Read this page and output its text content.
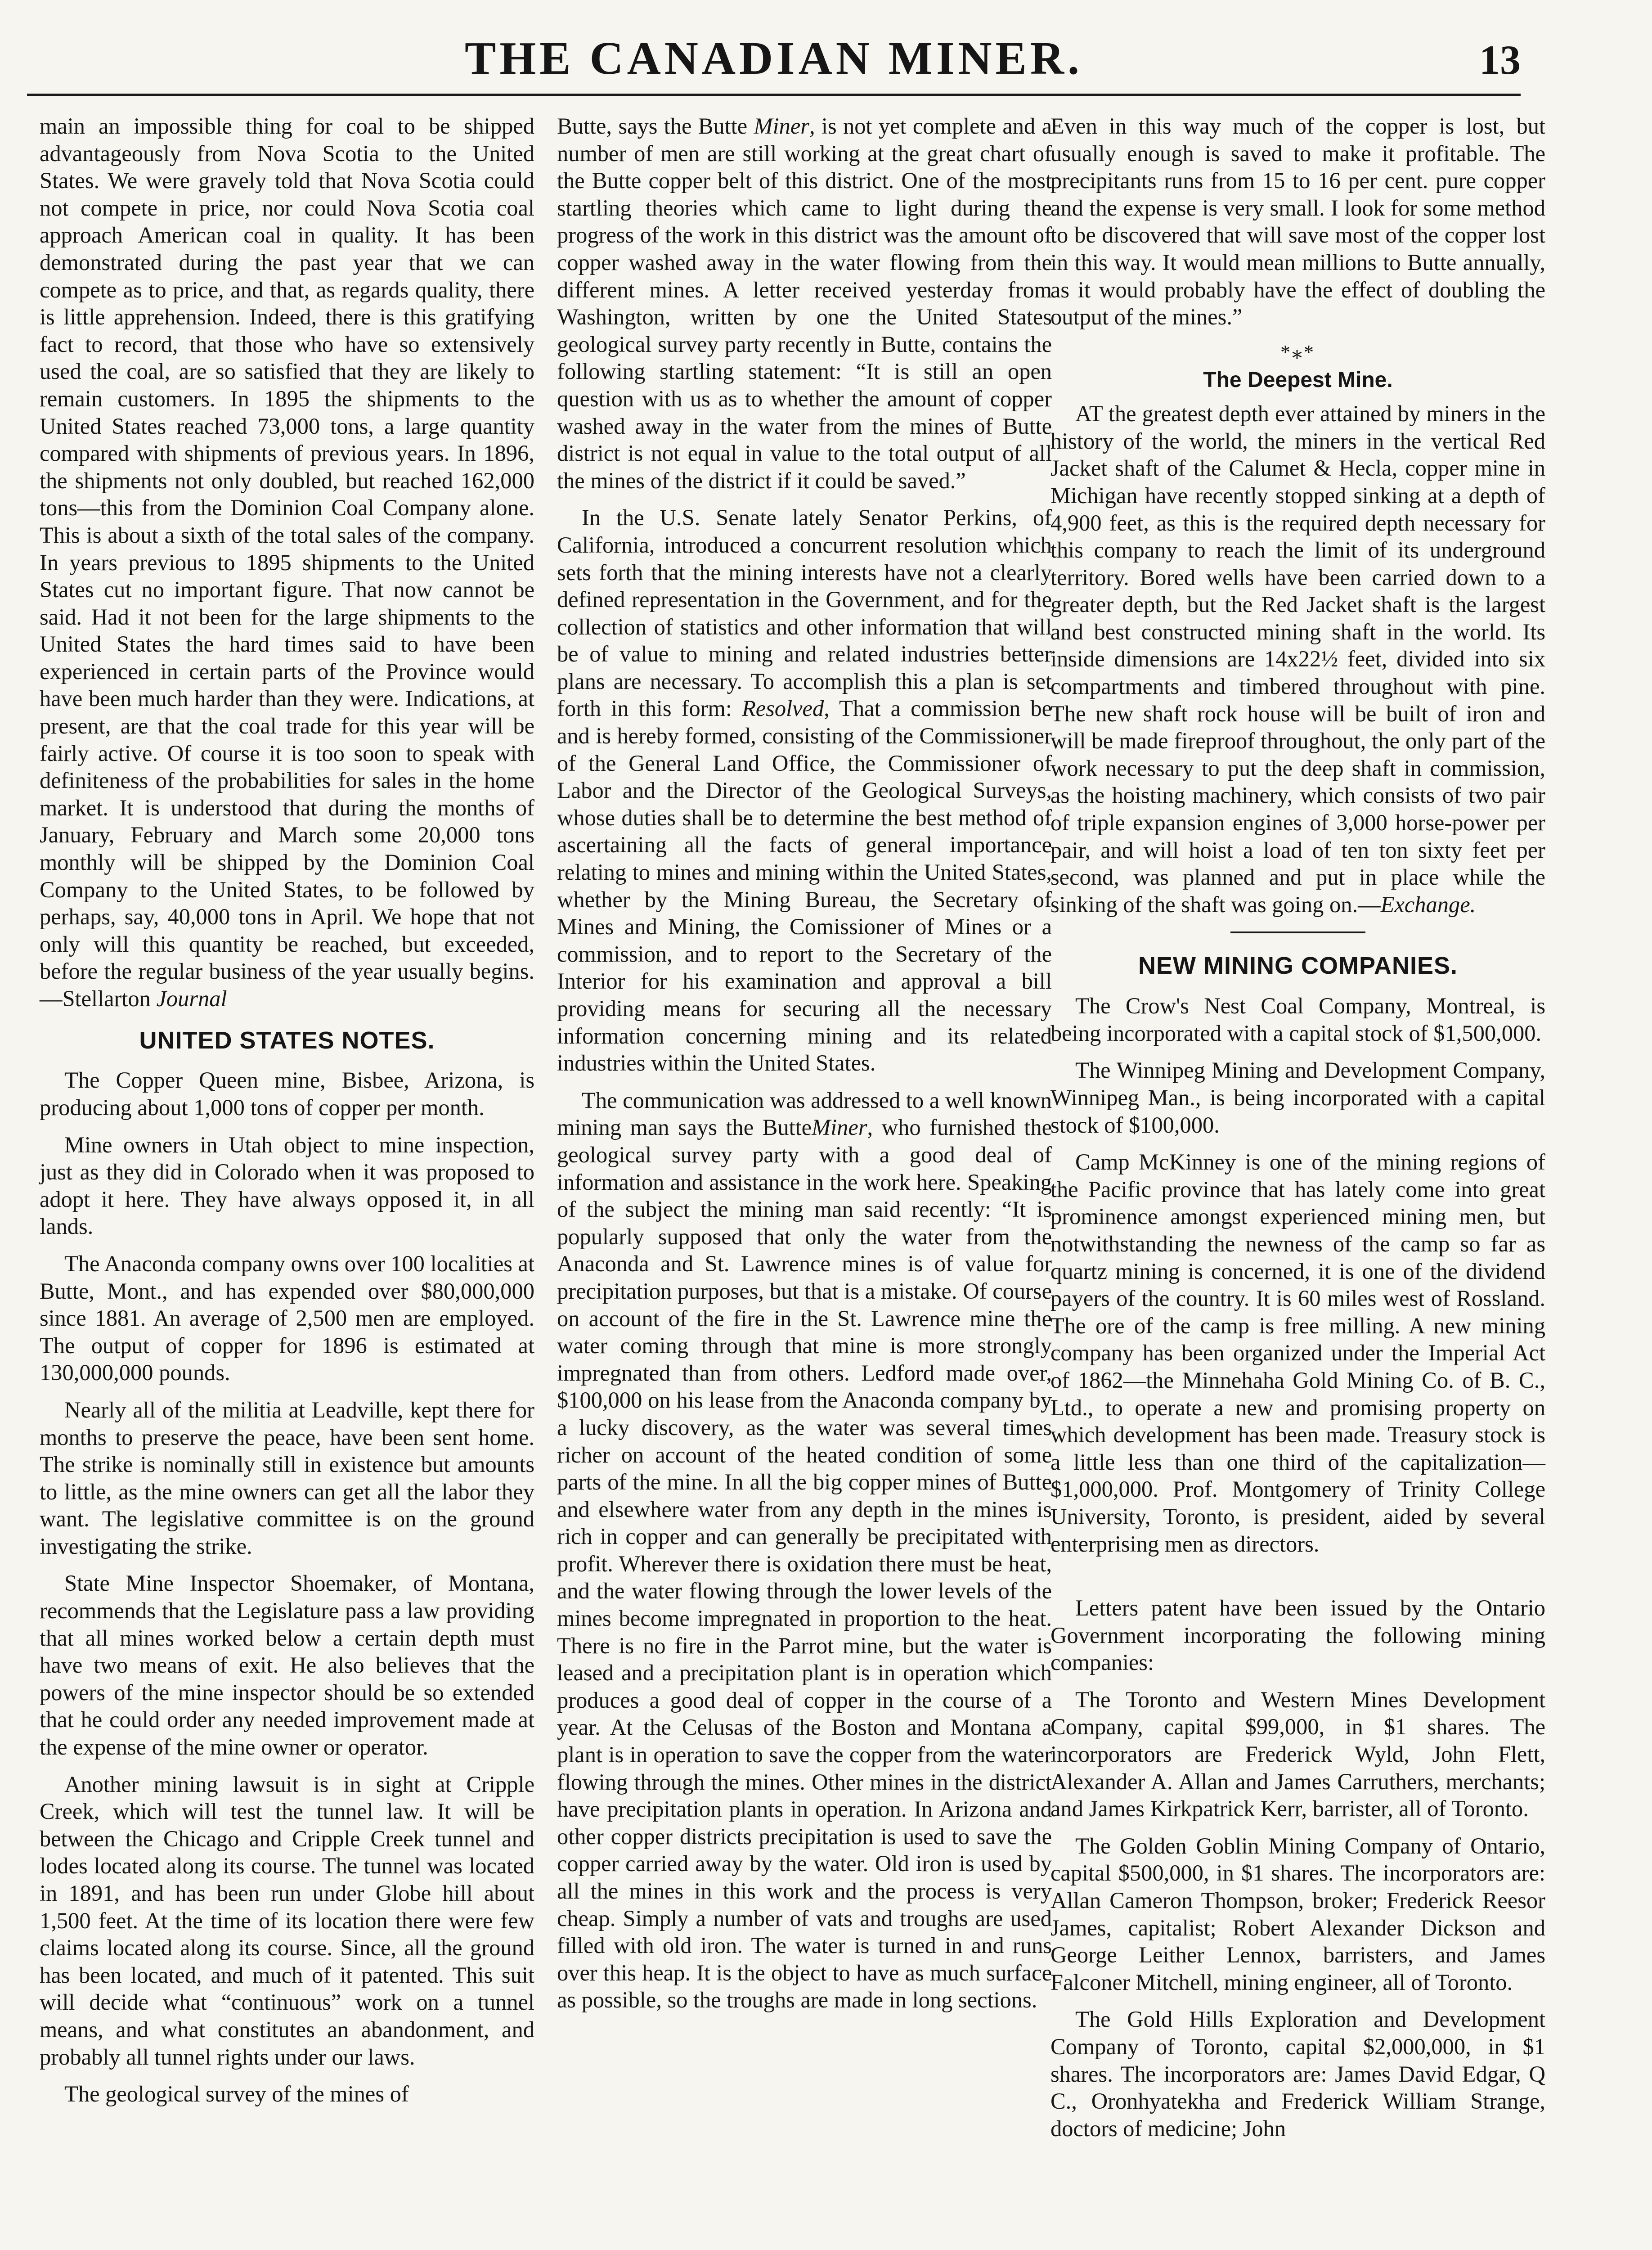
THE CANADIAN MINER.	13

main an impossible thing for coal to be shipped advantageously from Nova Scotia to the United States. We were gravely told that Nova Scotia could not compete in price, nor could Nova Scotia coal approach American coal in quality. It has been demonstrated during the past year that we can compete as to price, and that, as regards quality, there is little apprehension. Indeed, there is this gratifying fact to record, that those who have so extensively used the coal, are so satisfied that they are likely to remain customers. In 1895 the shipments to the United States reached 73,000 tons, a large quantity compared with shipments of previous years. In 1896, the shipments not only doubled, but reached 162,000 tons—this from the Dominion Coal Company alone. This is about a sixth of the total sales of the company. In years previous to 1895 shipments to the United States cut no important figure. That now cannot be said. Had it not been for the large shipments to the United States the hard times said to have been experienced in certain parts of the Province would have been much harder than they were. Indications, at present, are that the coal trade for this year will be fairly active. Of course it is too soon to speak with definiteness of the probabilities for sales in the home market. It is understood that during the months of January, February and March some 20,000 tons monthly will be shipped by the Dominion Coal Company to the United States, to be followed by perhaps, say, 40,000 tons in April. We hope that not only will this quantity be reached, but exceeded, before the regular business of the year usually begins.—Stellarton Journal

UNITED STATES NOTES.

The Copper Queen mine, Bisbee, Arizona, is producing about 1,000 tons of copper per month.

Mine owners in Utah object to mine inspection, just as they did in Colorado when it was proposed to adopt it here. They have always opposed it, in all lands.

The Anaconda company owns over 100 localities at Butte, Mont., and has expended over $80,000,000 since 1881. An average of 2,500 men are employed. The output of copper for 1896 is estimated at 130,000,000 pounds.

Nearly all of the militia at Leadville, kept there for months to preserve the peace, have been sent home. The strike is nominally still in existence but amounts to little, as the mine owners can get all the labor they want. The legislative committee is on the ground investigating the strike.

State Mine Inspector Shoemaker, of Montana, recommends that the Legislature pass a law providing that all mines worked below a certain depth must have two means of exit. He also believes that the powers of the mine inspector should be so extended that he could order any needed improvement made at the expense of the mine owner or operator.

Another mining lawsuit is in sight at Cripple Creek, which will test the tunnel law. It will be between the Chicago and Cripple Creek tunnel and lodes located along its course. The tunnel was located in 1891, and has been run under Globe hill about 1,500 feet. At the time of its location there were few claims located along its course. Since, all the ground has been located, and much of it patented. This suit will decide what “continuous” work on a tunnel means, and what constitutes an abandonment, and probably all tunnel rights under our laws.

The geological survey of the mines of

Butte, says the Butte Miner, is not yet complete and a number of men are still working at the great chart of the Butte copper belt of this district. One of the most startling theories which came to light during the progress of the work in this district was the amount of copper washed away in the water flowing from the different mines. A letter received yesterday from Washington, written by one the United States geological survey party recently in Butte, contains the following startling statement: “It is still an open question with us as to whether the amount of copper washed away in the water from the mines of Butte district is not equal in value to the total output of all the mines of the district if it could be saved.”

In the U.S. Senate lately Senator Perkins, of California, introduced a concurrent resolution which sets forth that the mining interests have not a clearly defined representation in the Government, and for the collection of statistics and other information that will be of value to mining and related industries better plans are necessary. To accomplish this a plan is set forth in this form: Resolved, That a commission be and is hereby formed, consisting of the Commissioner of the General Land Office, the Commissioner of Labor and the Director of the Geological Surveys, whose duties shall be to determine the best method of ascertaining all the facts of general importance relating to mines and mining within the United States, whether by the Mining Bureau, the Secretary of Mines and Mining, the Comissioner of Mines or a commission, and to report to the Secretary of the Interior for his examination and approval a bill providing means for securing all the necessary information concerning mining and its related industries within the United States.

The communication was addressed to a well known mining man says the ButteMiner, who furnished the geological survey party with a good deal of information and assistance in the work here. Speaking of the subject the mining man said recently: “It is popularly supposed that only the water from the Anaconda and St. Lawrence mines is of value for precipitation purposes, but that is a mistake. Of course on account of the fire in the St. Lawrence mine the water coming through that mine is more strongly impregnated than from others. Ledford made over, $100,000 on his lease from the Anaconda company by a lucky discovery, as the water was several times richer on account of the heated condition of some parts of the mine. In all the big copper mines of Butte and elsewhere water from any depth in the mines is rich in copper and can generally be precipitated with profit. Wherever there is oxidation there must be heat, and the water flowing through the lower levels of the mines become impregnated in proportion to the heat. There is no fire in the Parrot mine, but the water is leased and a precipitation plant is in operation which produces a good deal of copper in the course of a year. At the Celusas of the Boston and Montana a plant is in operation to save the copper from the water flowing through the mines. Other mines in the district have precipitation plants in operation. In Arizona and other copper districts precipitation is used to save the copper carried away by the water. Old iron is used by all the mines in this work and the process is very cheap. Simply a number of vats and troughs are used filled with old iron. The water is turned in and runs over this heap. It is the object to have as much surface as possible, so the troughs are made in long sections.

Even in this way much of the copper is lost, but usually enough is saved to make it profitable. The precipitants runs from 15 to 16 per cent. pure copper and the expense is very small. I look for some method to be discovered that will save most of the copper lost in this way. It would mean millions to Butte annually, as it would probably have the effect of doubling the output of the mines.”

*⁎*
The Deepest Mine.

AT the greatest depth ever attained by miners in the history of the world, the miners in the vertical Red Jacket shaft of the Calumet & Hecla, copper mine in Michigan have recently stopped sinking at a depth of 4,900 feet, as this is the required depth necessary for this company to reach the limit of its underground territory. Bored wells have been carried down to a greater depth, but the Red Jacket shaft is the largest and best constructed mining shaft in the world. Its inside dimensions are 14x22½ feet, divided into six compartments and timbered throughout with pine. The new shaft rock house will be built of iron and will be made fireproof throughout, the only part of the work necessary to put the deep shaft in commission, as the hoisting machinery, which consists of two pair of triple expansion engines of 3,000 horse-power per pair, and will hoist a load of ten ton sixty feet per second, was planned and put in place while the sinking of the shaft was going on.—Exchange.

NEW MINING COMPANIES.

The Crow's Nest Coal Company, Montreal, is being incorporated with a capital stock of $1,500,000.

The Winnipeg Mining and Development Company, Winnipeg Man., is being incorporated with a capital stock of $100,000.

Camp McKinney is one of the mining regions of the Pacific province that has lately come into great prominence amongst experienced mining men, but notwithstanding the newness of the camp so far as quartz mining is concerned, it is one of the dividend payers of the country. It is 60 miles west of Rossland. The ore of the camp is free milling. A new mining company has been organized under the Imperial Act of 1862—the Minnehaha Gold Mining Co. of B. C., Ltd., to operate a new and promising property on which development has been made. Treasury stock is a little less than one third of the capitalization—$1,000,000. Prof. Montgomery of Trinity College University, Toronto, is president, aided by several enterprising men as directors.

Letters patent have been issued by the Ontario Government incorporating the following mining companies:

The Toronto and Western Mines Development Company, capital $99,000, in $1 shares. The incorporators are Frederick Wyld, John Flett, Alexander A. Allan and James Carruthers, merchants; and James Kirkpatrick Kerr, barrister, all of Toronto.

The Golden Goblin Mining Company of Ontario, capital $500,000, in $1 shares. The incorporators are: Allan Cameron Thompson, broker; Frederick Reesor James, capitalist; Robert Alexander Dickson and George Leither Lennox, barristers, and James Falconer Mitchell, mining engineer, all of Toronto.

The Gold Hills Exploration and Development Company of Toronto, capital $2,000,000, in $1 shares. The incorporators are: James David Edgar, Q C., Oronhyatekha and Frederick William Strange, doctors of medicine; John
